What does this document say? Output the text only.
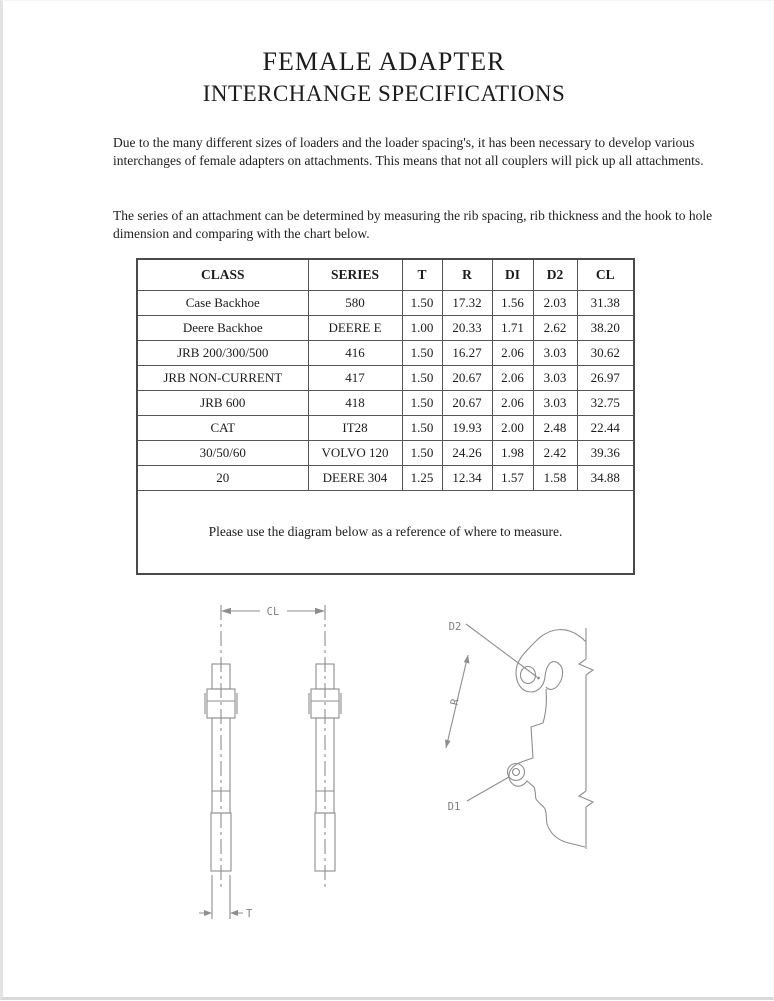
FEMALE ADAPTER
INTERCHANGE SPECIFICATIONS

Due to the many different sizes of loaders and the loader spacing's, it has been necessary to develop various interchanges of female adapters on attachments. This means that not all couplers will pick up all attachments.

The series of an attachment can be determined by measuring the rib spacing, rib thickness and the hook to hole dimension and comparing with the chart below.

CLASS	SERIES	T	R	DI	D2	CL
Case Backhoe	580	1.50	17.32	1.56	2.03	31.38
Deere Backhoe	DEERE E	1.00	20.33	1.71	2.62	38.20
JRB 200/300/500	416	1.50	16.27	2.06	3.03	30.62
JRB NON-CURRENT	417	1.50	20.67	2.06	3.03	26.97
JRB 600	418	1.50	20.67	2.06	3.03	32.75
CAT	IT28	1.50	19.93	2.00	2.48	22.44
30/50/60	VOLVO 120	1.50	24.26	1.98	2.42	39.36
20	DEERE 304	1.25	12.34	1.57	1.58	34.88
Please use the diagram below as a reference of where to measure.						
CL
T
D2
D1
R
